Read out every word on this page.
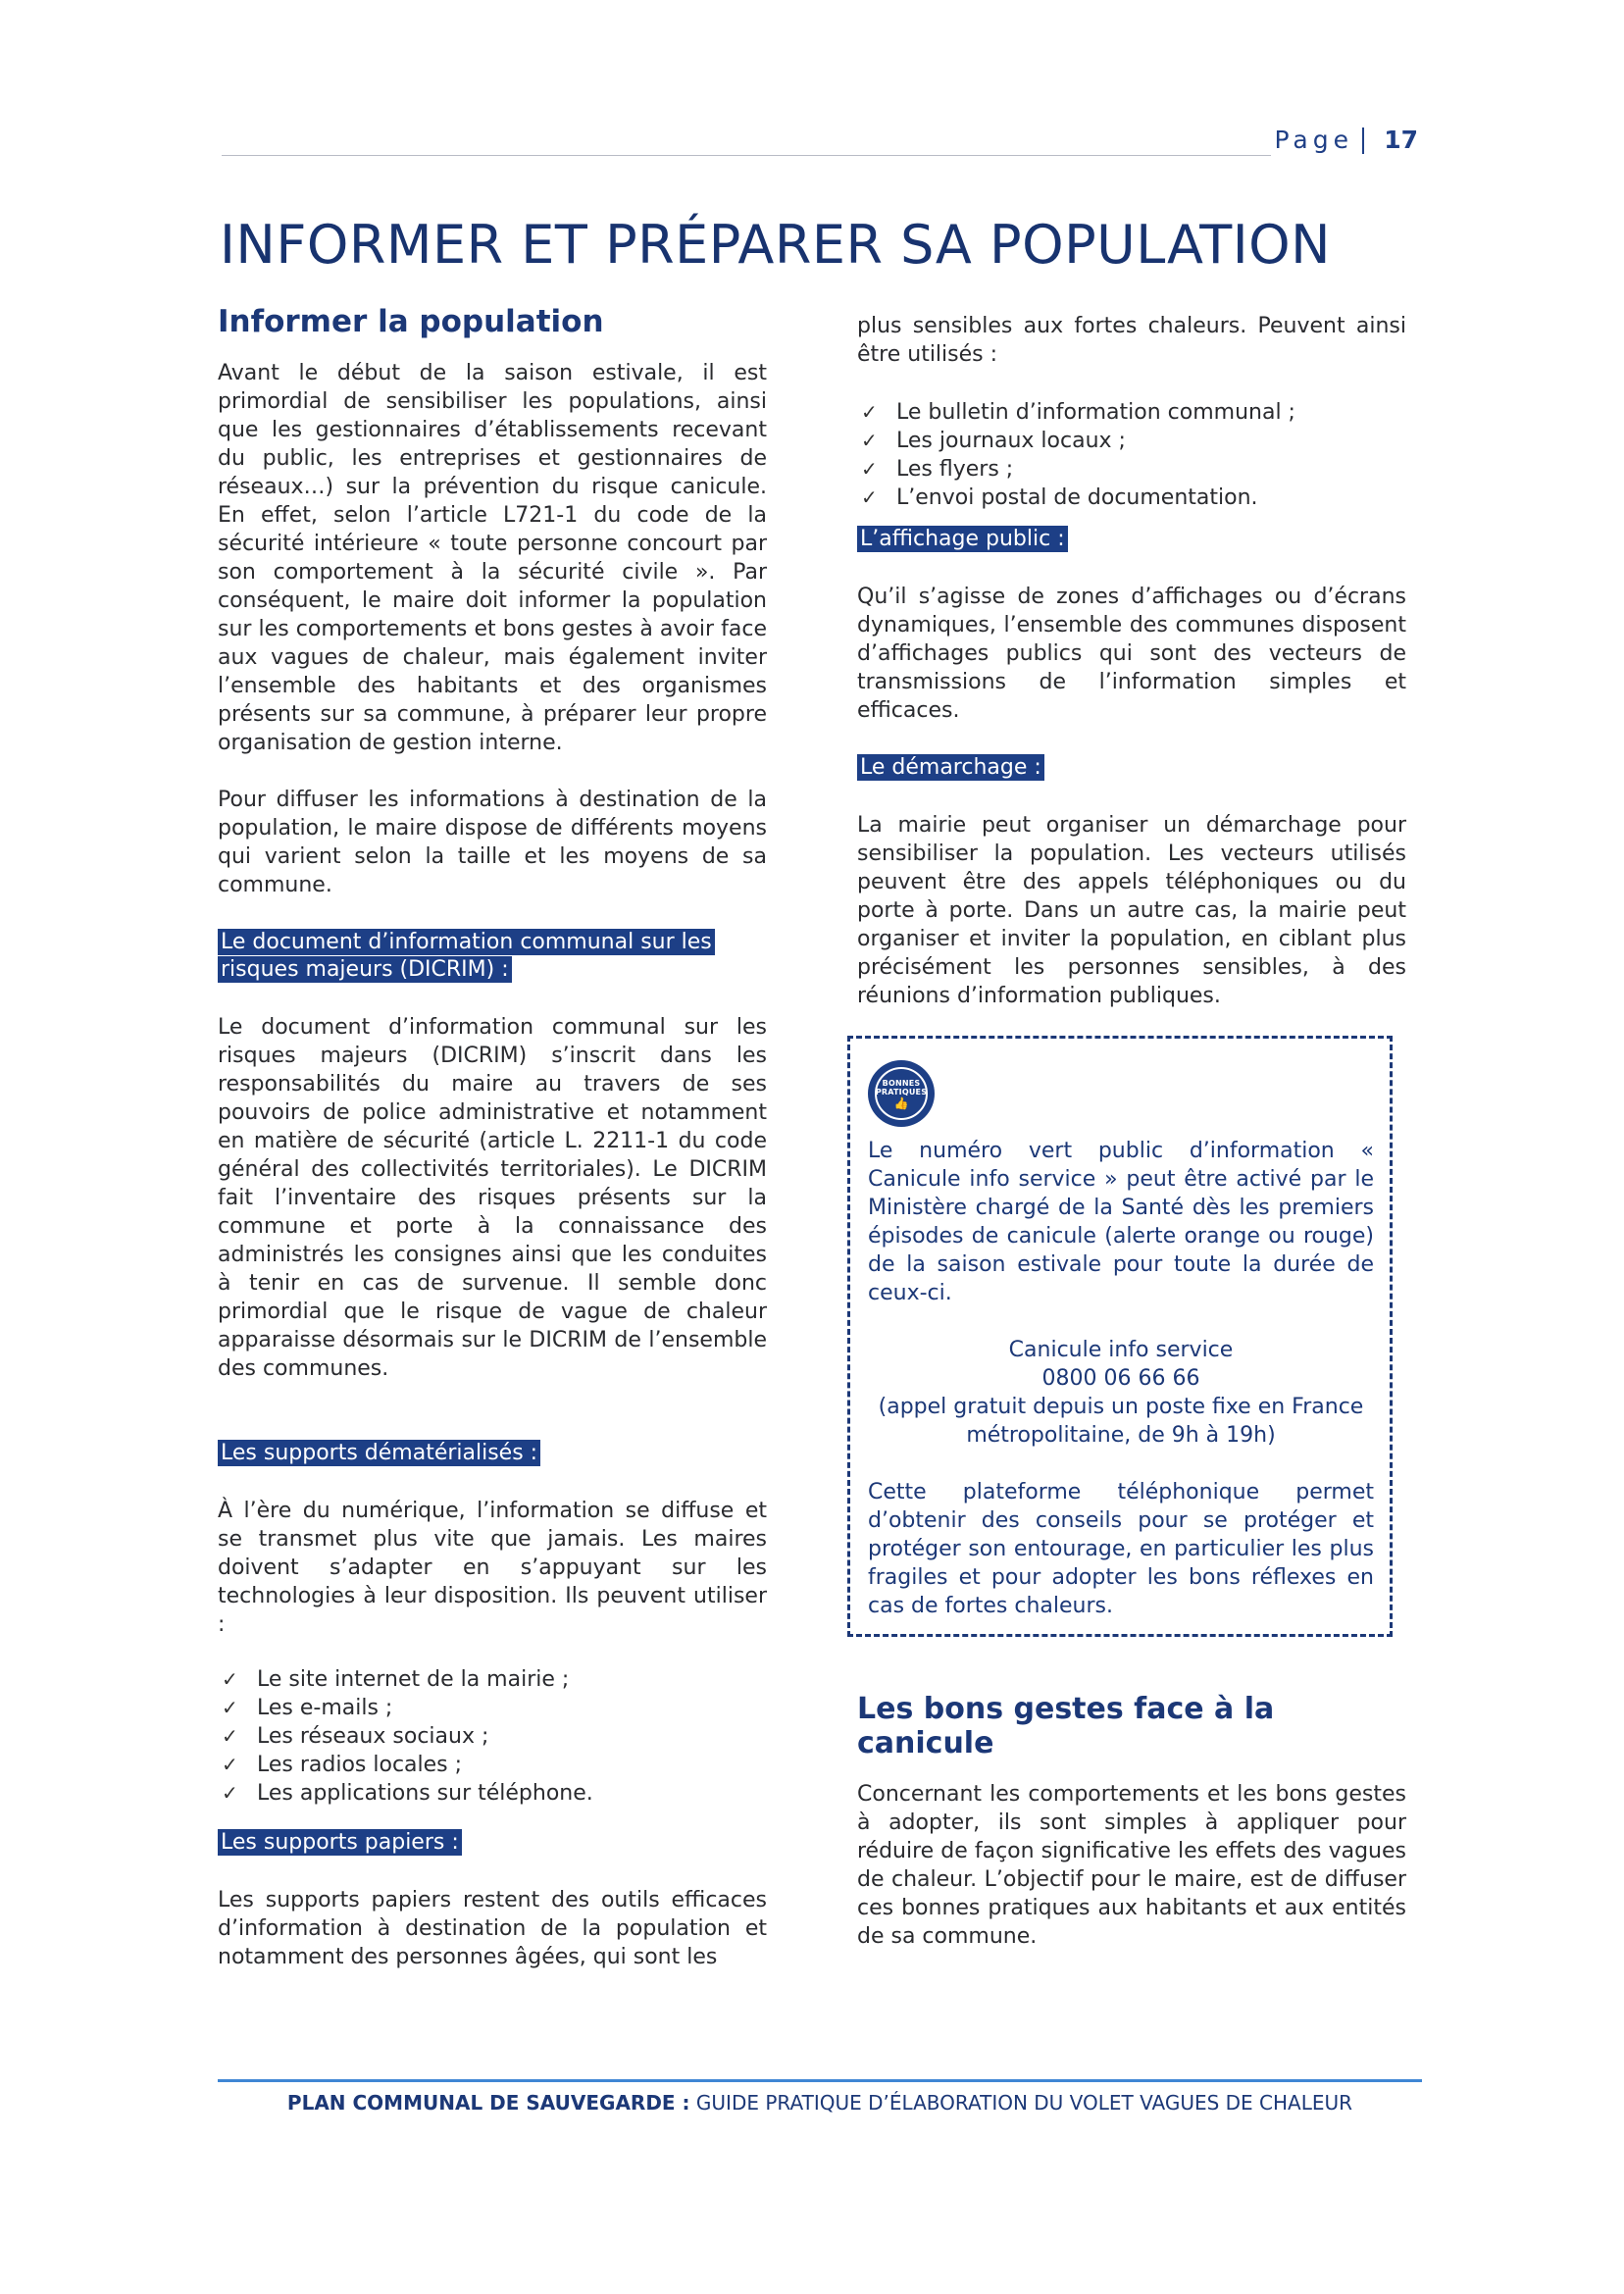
Page 17
INFORMER ET PRÉPARER SA POPULATION
Informer la population

Avant le début de la saison estivale, il est primordial de sensibiliser les populations, ainsi que les gestionnaires d’établissements recevant du public, les entreprises et gestionnaires de réseaux…) sur la prévention du risque canicule. En effet, selon l’article L721-1 du code de la sécurité intérieure « toute personne concourt par son comportement à la sécurité civile ». Par conséquent, le maire doit informer la population sur les comportements et bons gestes à avoir face aux vagues de chaleur, mais également inviter l’ensemble des habitants et des organismes présents sur sa commune, à préparer leur propre organisation de gestion interne.

Pour diffuser les informations à destination de la population, le maire dispose de différents moyens qui varient selon la taille et les moyens de sa commune.

Le document d’information communal sur les risques majeurs (DICRIM) :

Le document d’information communal sur les risques majeurs (DICRIM) s’inscrit dans les responsabilités du maire au travers de ses pouvoirs de police administrative et notamment en matière de sécurité (article L. 2211-1 du code général des collectivités territoriales). Le DICRIM fait l’inventaire des risques présents sur la commune et porte à la connaissance des administrés les consignes ainsi que les conduites à tenir en cas de survenue. Il semble donc primordial que le risque de vague de chaleur apparaisse désormais sur le DICRIM de l’ensemble des communes.

Les supports dématérialisés :

À l’ère du numérique, l’information se diffuse et se transmet plus vite que jamais. Les maires doivent s’adapter en s’appuyant sur les technologies à leur disposition. Ils peuvent utiliser :

✓ Le site internet de la mairie ;
✓ Les e-mails ;
✓ Les réseaux sociaux ;
✓ Les radios locales ;
✓ Les applications sur téléphone.

Les supports papiers :

Les supports papiers restent des outils efficaces d’information à destination de la population et notamment des personnes âgées, qui sont les

plus sensibles aux fortes chaleurs. Peuvent ainsi être utilisés :

✓ Le bulletin d’information communal ;
✓ Les journaux locaux ;
✓ Les flyers ;
✓ L’envoi postal de documentation.

L’affichage public :

Qu’il s’agisse de zones d’affichages ou d’écrans dynamiques, l’ensemble des communes disposent d’affichages publics qui sont des vecteurs de transmissions de l’information simples et efficaces.

Le démarchage :

La mairie peut organiser un démarchage pour sensibiliser la population. Les vecteurs utilisés peuvent être des appels téléphoniques ou du porte à porte. Dans un autre cas, la mairie peut organiser et inviter la population, en ciblant plus précisément les personnes sensibles, à des réunions d’information publiques.

BONNES
PRATIQUES
👍

Le numéro vert public d’information « Canicule info service » peut être activé par le Ministère chargé de la Santé dès les premiers épisodes de canicule (alerte orange ou rouge) de la saison estivale pour toute la durée de ceux-ci.

Canicule info service

0800 06 66 66

(appel gratuit depuis un poste fixe en France métropolitaine, de 9h à 19h)

Cette plateforme téléphonique permet d’obtenir des conseils pour se protéger et protéger son entourage, en particulier les plus fragiles et pour adopter les bons réflexes en cas de fortes chaleurs.

Les bons gestes face à la canicule

Concernant les comportements et les bons gestes à adopter, ils sont simples à appliquer pour réduire de façon significative les effets des vagues de chaleur. L’objectif pour le maire, est de diffuser ces bonnes pratiques aux habitants et aux entités de sa commune.

PLAN COMMUNAL DE SAUVEGARDE : GUIDE PRATIQUE D’ÉLABORATION DU VOLET VAGUES DE CHALEUR
